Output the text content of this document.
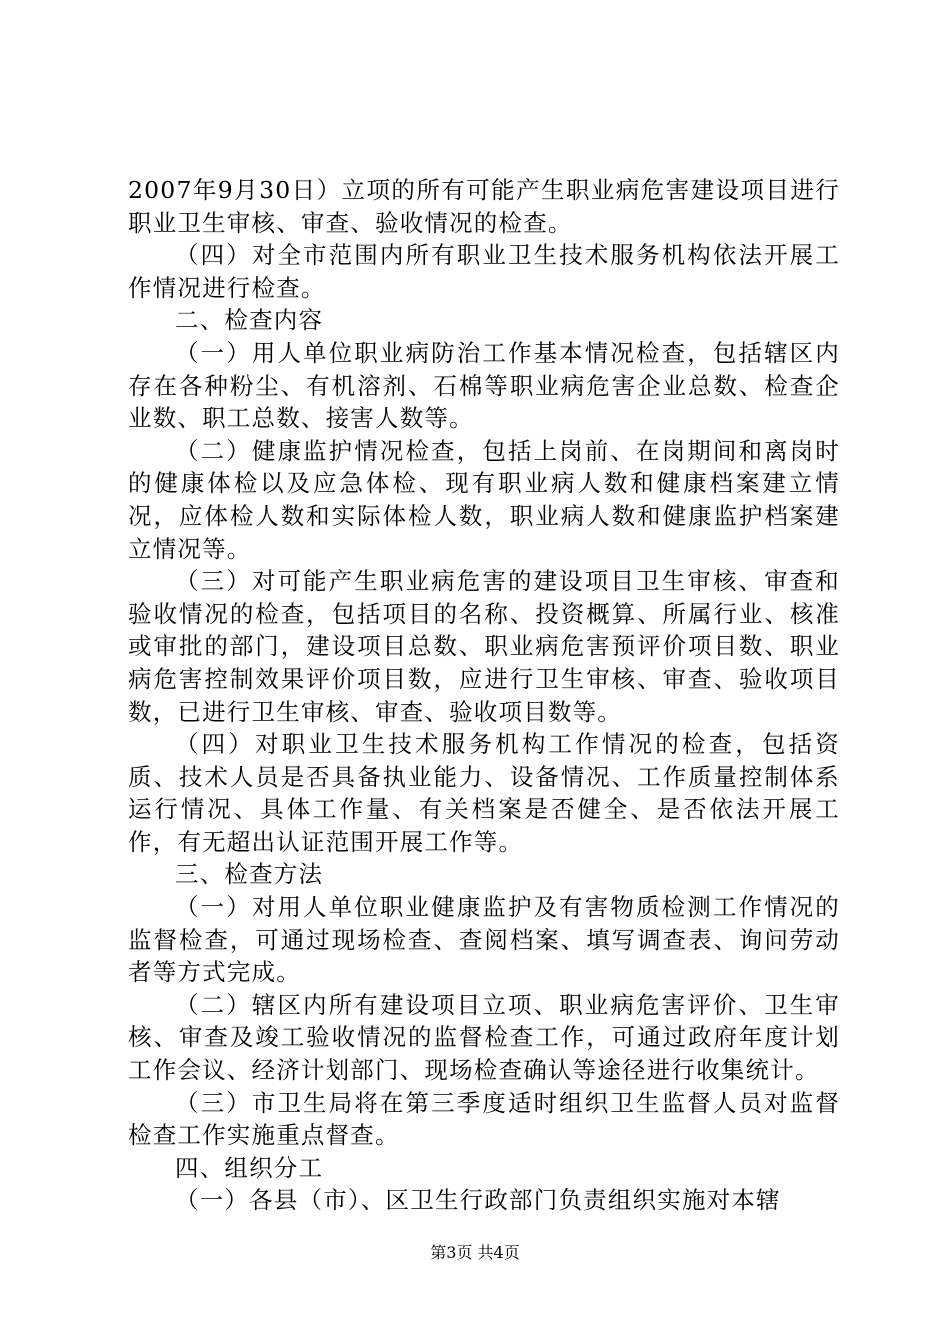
2007年9月30日）立项的所有可能产生职业病危害建设项目进行职业卫生审核、审查、验收情况的检查。

（四）对全市范围内所有职业卫生技术服务机构依法开展工作情况进行检查。

二、检查内容

（一）用人单位职业病防治工作基本情况检查，包括辖区内存在各种粉尘、有机溶剂、石棉等职业病危害企业总数、检查企业数、职工总数、接害人数等。

（二）健康监护情况检查，包括上岗前、在岗期间和离岗时的健康体检以及应急体检、现有职业病人数和健康档案建立情况，应体检人数和实际体检人数，职业病人数和健康监护档案建立情况等。

（三）对可能产生职业病危害的建设项目卫生审核、审查和验收情况的检查，包括项目的名称、投资概算、所属行业、核准或审批的部门，建设项目总数、职业病危害预评价项目数、职业病危害控制效果评价项目数，应进行卫生审核、审查、验收项目数，已进行卫生审核、审查、验收项目数等。

（四）对职业卫生技术服务机构工作情况的检查，包括资质、技术人员是否具备执业能力、设备情况、工作质量控制体系运行情况、具体工作量、有关档案是否健全、是否依法开展工作，有无超出认证范围开展工作等。

三、检查方法

（一）对用人单位职业健康监护及有害物质检测工作情况的监督检查，可通过现场检查、查阅档案、填写调查表、询问劳动者等方式完成。

（二）辖区内所有建设项目立项、职业病危害评价、卫生审核、审查及竣工验收情况的监督检查工作，可通过政府年度计划工作会议、经济计划部门、现场检查确认等途径进行收集统计。

（三）市卫生局将在第三季度适时组织卫生监督人员对监督检查工作实施重点督查。

四、组织分工

（一）各县（市）、区卫生行政部门负责组织实施对本辖

第3页 共4页
